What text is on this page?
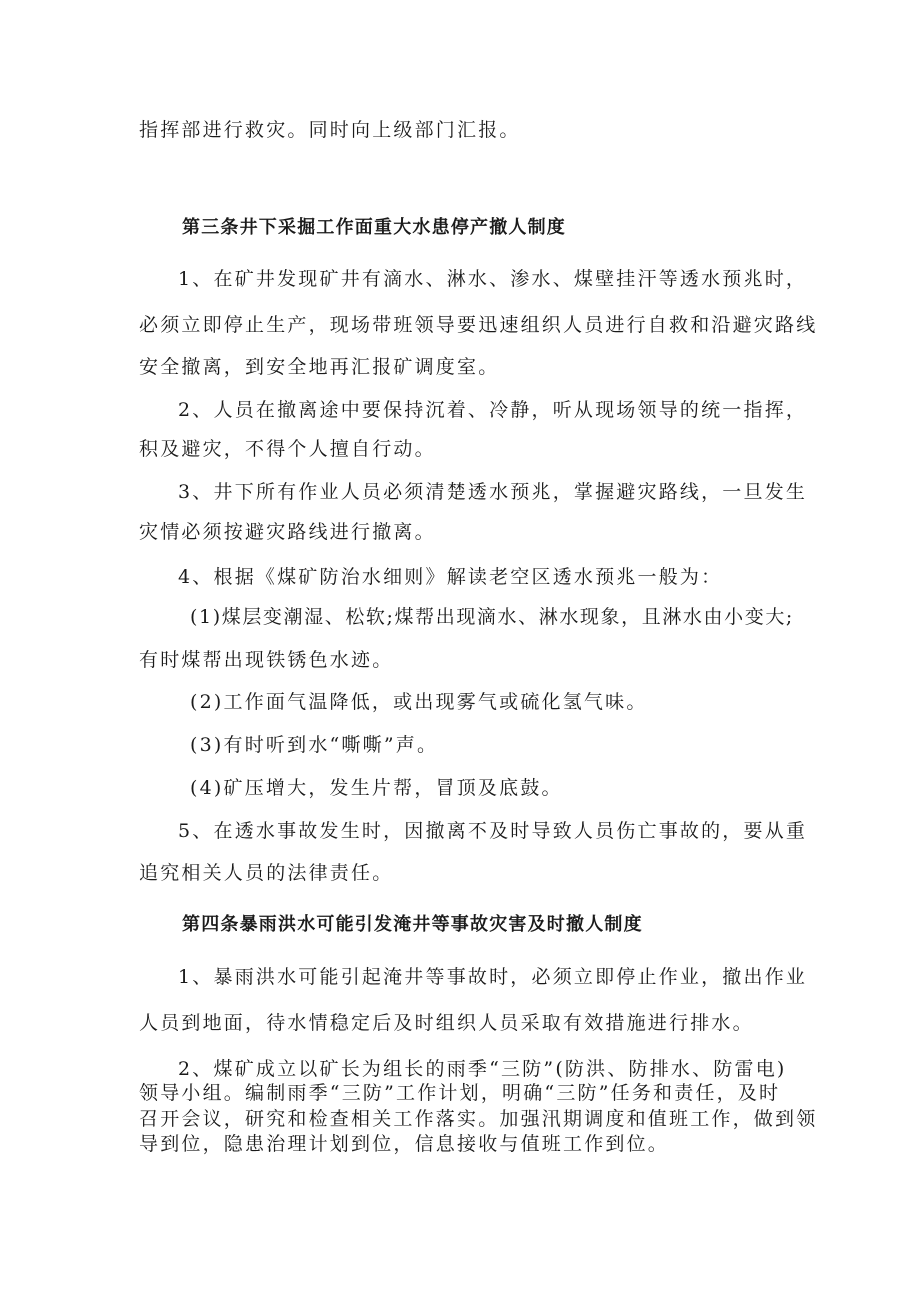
指挥部进行救灾。同时向上级部门汇报。
第三条井下采掘工作面重大水患停产撤人制度
1、在矿井发现矿井有滴水、淋水、渗水、煤壁挂汗等透水预兆时，
必须立即停止生产，现场带班领导要迅速组织人员进行自救和沿避灾路线
安全撤离，到安全地再汇报矿调度室。
2、人员在撤离途中要保持沉着、冷静，听从现场领导的统一指挥，
积及避灾，不得个人擅自行动。
3、井下所有作业人员必须清楚透水预兆，掌握避灾路线，一旦发生
灾情必须按避灾路线进行撤离。
4、根据《煤矿防治水细则》解读老空区透水预兆一般为：
(1)煤层变潮湿、松软;煤帮出现滴水、淋水现象，且淋水由小变大;
有时煤帮出现铁锈色水迹。
(2)工作面气温降低，或出现雾气或硫化氢气味。
(3)有时听到水“嘶嘶”声。
(4)矿压增大，发生片帮，冒顶及底鼓。
5、在透水事故发生时，因撤离不及时导致人员伤亡事故的，要从重
追究相关人员的法律责任。
第四条暴雨洪水可能引发淹井等事故灾害及时撤人制度
1、暴雨洪水可能引起淹井等事故时，必须立即停止作业，撤出作业
人员到地面，待水情稳定后及时组织人员采取有效措施进行排水。
2、煤矿成立以矿长为组长的雨季“三防”(防洪、防排水、防雷电)
领导小组。编制雨季“三防”工作计划，明确“三防”任务和责任，及时
召开会议，研究和检查相关工作落实。加强汛期调度和值班工作，做到领
导到位，隐患治理计划到位，信息接收与值班工作到位。
